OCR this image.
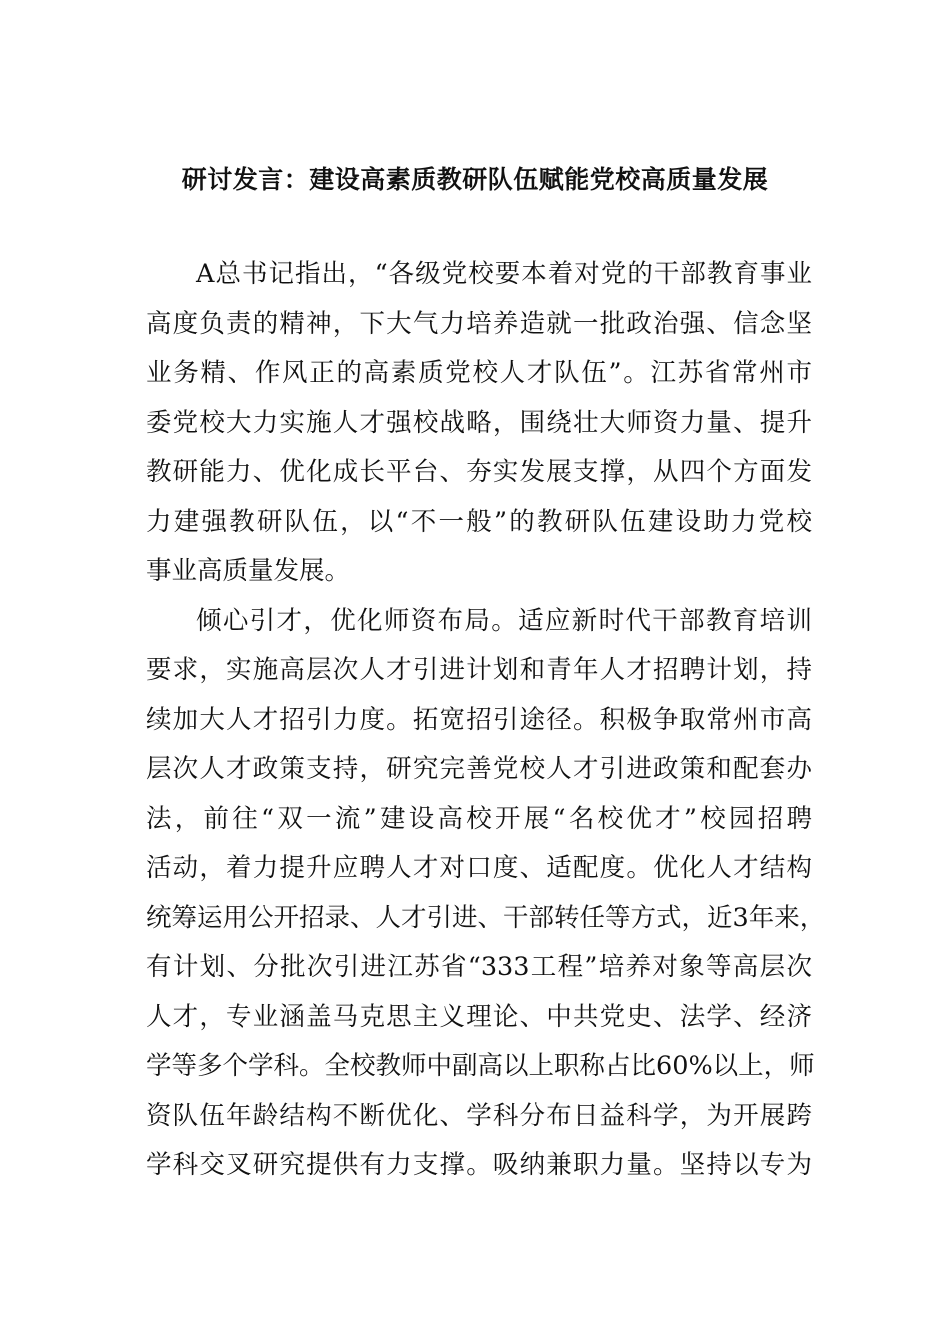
研讨发言：建设高素质教研队伍赋能党校高质量发展
A总书记指出，“各级党校要本着对党的干部教育事业
高度负责的精神，下大气力培养造就一批政治强、信念坚
业务精、作风正的高素质党校人才队伍”。江苏省常州市
委党校大力实施人才强校战略，围绕壮大师资力量、提升
教研能力、优化成长平台、夯实发展支撑，从四个方面发
力建强教研队伍，以“不一般”的教研队伍建设助力党校
事业高质量发展。
倾心引才，优化师资布局。适应新时代干部教育培训
要求，实施高层次人才引进计划和青年人才招聘计划，持
续加大人才招引力度。拓宽招引途径。积极争取常州市高
层次人才政策支持，研究完善党校人才引进政策和配套办
法，前往“双一流”建设高校开展“名校优才”校园招聘
活动，着力提升应聘人才对口度、适配度。优化人才结构
统筹运用公开招录、人才引进、干部转任等方式，近3年来，
有计划、分批次引进江苏省“333工程”培养对象等高层次
人才，专业涵盖马克思主义理论、中共党史、法学、经济
学等多个学科。全校教师中副高以上职称占比60%以上，师
资队伍年龄结构不断优化、学科分布日益科学，为开展跨
学科交叉研究提供有力支撑。吸纳兼职力量。坚持以专为
